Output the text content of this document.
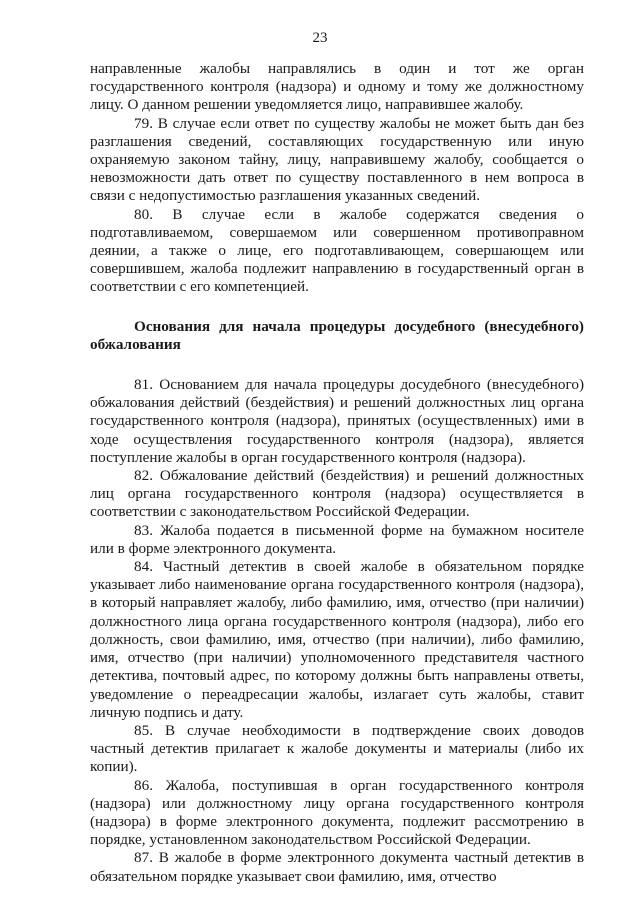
23

направленные жалобы направлялись в один и тот же орган государственного контроля (надзора) и одному и тому же должностному лицу. О данном решении уведомляется лицо, направившее жалобу.

79. В случае если ответ по существу жалобы не может быть дан без разглашения сведений, составляющих государственную или иную охраняемую законом тайну, лицу, направившему жалобу, сообщается о невозможности дать ответ по существу поставленного в нем вопроса в связи с недопустимостью разглашения указанных сведений.

80. В случае если в жалобе содержатся сведения о подготавливаемом, совершаемом или совершенном противоправном деянии, а также о лице, его подготавливающем, совершающем или совершившем, жалоба подлежит направлению в государственный орган в соответствии с его компетенцией.

Основания для начала процедуры досудебного (внесудебного) обжалования

81. Основанием для начала процедуры досудебного (внесудебного) обжалования действий (бездействия) и решений должностных лиц органа государственного контроля (надзора), принятых (осуществленных) ими в ходе осуществления государственного контроля (надзора), является поступление жалобы в орган государственного контроля (надзора).

82. Обжалование действий (бездействия) и решений должностных лиц органа государственного контроля (надзора) осуществляется в соответствии с законодательством Российской Федерации.

83. Жалоба подается в письменной форме на бумажном носителе или в форме электронного документа.

84. Частный детектив в своей жалобе в обязательном порядке указывает либо наименование органа государственного контроля (надзора), в который направляет жалобу, либо фамилию, имя, отчество (при наличии) должностного лица органа государственного контроля (надзора), либо его должность, свои фамилию, имя, отчество (при наличии), либо фамилию, имя, отчество (при наличии) уполномоченного представителя частного детектива, почтовый адрес, по которому должны быть направлены ответы, уведомление о переадресации жалобы, излагает суть жалобы, ставит личную подпись и дату.

85. В случае необходимости в подтверждение своих доводов частный детектив прилагает к жалобе документы и материалы (либо их копии).

86. Жалоба, поступившая в орган государственного контроля (надзора) или должностному лицу органа государственного контроля (надзора) в форме электронного документа, подлежит рассмотрению в порядке, установленном законодательством Российской Федерации.

87. В жалобе в форме электронного документа частный детектив в обязательном порядке указывает свои фамилию, имя, отчество
